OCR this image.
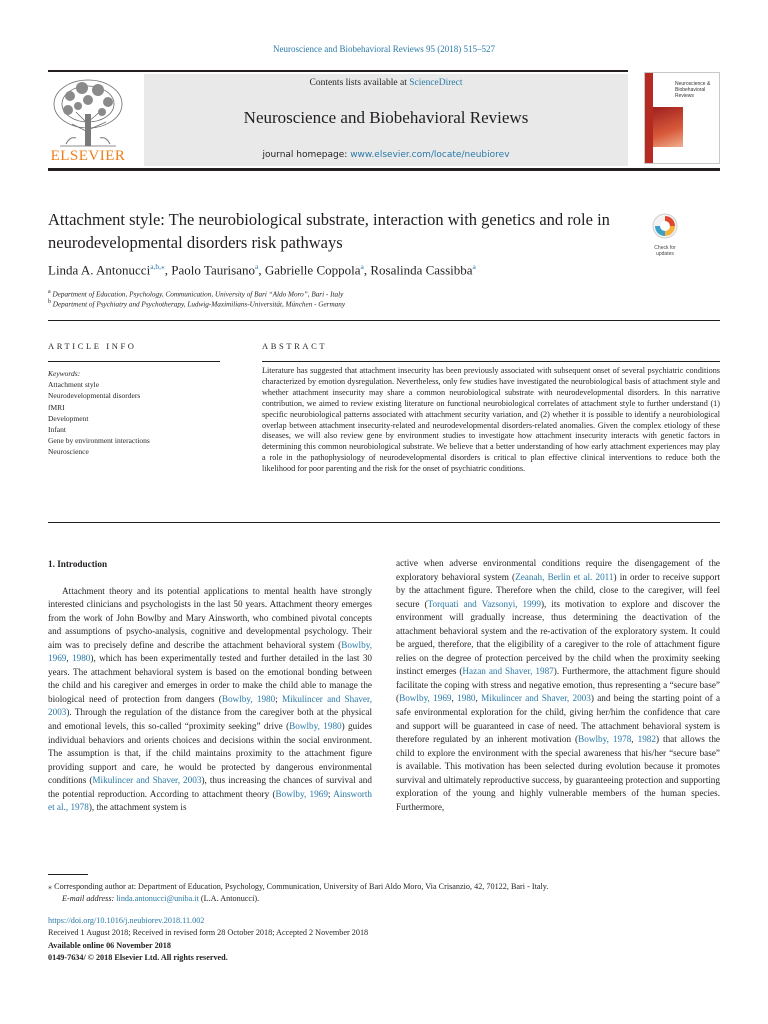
Neuroscience and Biobehavioral Reviews 95 (2018) 515–527
ELSEVIER
Contents lists available at ScienceDirect
Neuroscience and Biobehavioral Reviews
journal homepage: www.elsevier.com/locate/neubiorev
Neuroscience & Biobehavioral Reviews
Attachment style: The neurobiological substrate, interaction with genetics and role in neurodevelopmental disorders risk pathways	Check for updates
Linda A. Antonucci$^{a,b,⁎}$, Paolo Taurisano$^a$, Gabrielle Coppola$^a$, Rosalinda Cassibba$^a$
$^a$ Department of Education, Psychology, Communication, University of Bari “Aldo Moro”, Bari - Italy
$^b$ Department of Psychiatry and Psychotherapy, Ludwig-Maximilians-Universität, München - Germany
ARTICLE INFO	ABSTRACT
Keywords:
Attachment style
Neurodevelopmental disorders
fMRI
Development
Infant
Gene by environment interactions
Neuroscience
Literature has suggested that attachment insecurity has been previously associated with subsequent onset of several psychiatric conditions characterized by emotion dysregulation. Nevertheless, only few studies have investigated the neurobiological basis of attachment style and whether attachment insecurity may share a common neurobiological substrate with neurodevelopmental disorders. In this narrative contribution, we aimed to review existing literature on functional neurobiological correlates of attachment style to further understand (1) specific neurobiological patterns associated with attachment security variation, and (2) whether it is possible to identify a neurobiological overlap between attachment insecurity-related and neurodevelopmental disorders-related anomalies. Given the complex etiology of these diseases, we will also review gene by environment studies to investigate how attachment insecurity interacts with genetic factors in determining this common neurobiological substrate. We believe that a better understanding of how early attachment experiences may play a role in the pathophysiology of neurodevelopmental disorders is critical to plan effective clinical interventions to reduce both the likelihood for poor parenting and the risk for the onset of psychiatric conditions.
1. Introduction

Attachment theory and its potential applications to mental health have strongly interested clinicians and psychologists in the last 50 years. Attachment theory emerges from the work of John Bowlby and Mary Ainsworth, who combined pivotal concepts and assumptions of psycho-analysis, cognitive and developmental psychology. Their aim was to precisely define and describe the attachment behavioral system (Bowlby, 1969, 1980), which has been experimentally tested and further detailed in the last 30 years. The attachment behavioral system is based on the emotional bonding between the child and his caregiver and emerges in order to make the child able to manage the biological need of protection from dangers (Bowlby, 1980; Mikulincer and Shaver, 2003). Through the regulation of the distance from the caregiver both at the physical and emotional levels, this so-called “proximity seeking” drive (Bowlby, 1980) guides individual behaviors and orients choices and decisions within the social environment. The assumption is that, if the child maintains proximity to the attachment figure providing support and care, he would be protected by dangerous environmental conditions (Mikulincer and Shaver, 2003), thus increasing the chances of survival and the potential reproduction. According to attachment theory (Bowlby, 1969; Ainsworth et al., 1978), the attachment system is

active when adverse environmental conditions require the disengagement of the exploratory behavioral system (Zeanah, Berlin et al. 2011) in order to receive support by the attachment figure. Therefore when the child, close to the caregiver, will feel secure (Torquati and Vazsonyi, 1999), its motivation to explore and discover the environment will gradually increase, thus determining the deactivation of the attachment behavioral system and the re-activation of the exploratory system. It could be argued, therefore, that the eligibility of a caregiver to the role of attachment figure relies on the degree of protection perceived by the child when the proximity seeking instinct emerges (Hazan and Shaver, 1987). Furthermore, the attachment figure should facilitate the coping with stress and negative emotion, thus representing a “secure base” (Bowlby, 1969, 1980, Mikulincer and Shaver, 2003) and being the starting point of a safe environmental exploration for the child, giving her/him the confidence that care and support will be guaranteed in case of need. The attachment behavioral system is therefore regulated by an inherent motivation (Bowlby, 1978, 1982) that allows the child to explore the environment with the special awareness that his/her “secure base” is available. This motivation has been selected during evolution because it promotes survival and ultimately reproductive success, by guaranteeing protection and supporting exploration of the young and highly vulnerable members of the human species. Furthermore,

⁎ Corresponding author at: Department of Education, Psychology, Communication, University of Bari Aldo Moro, Via Crisanzio, 42, 70122, Bari - Italy.
E-mail address: linda.antonucci@uniba.it (L.A. Antonucci).
https://doi.org/10.1016/j.neubiorev.2018.11.002
Received 1 August 2018; Received in revised form 28 October 2018; Accepted 2 November 2018
Available online 06 November 2018
0149-7634/ © 2018 Elsevier Ltd. All rights reserved.
